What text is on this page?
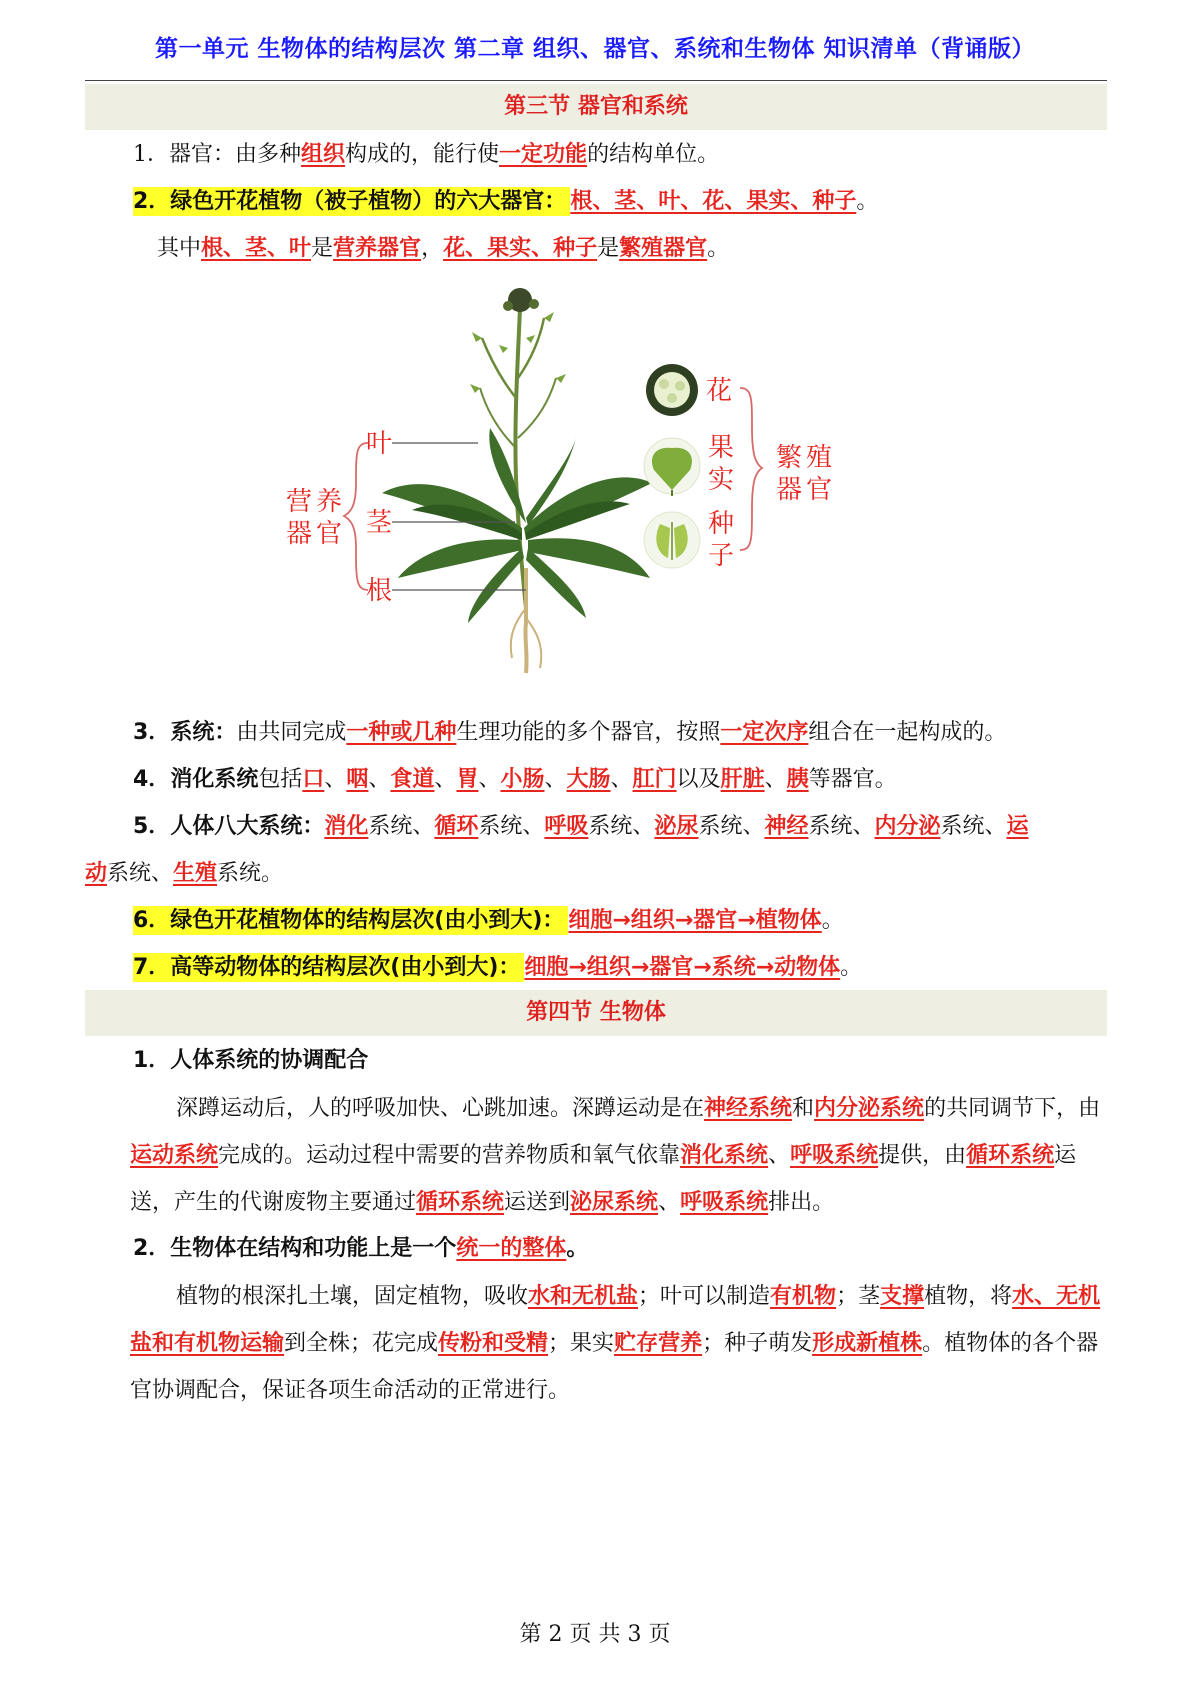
第一单元 生物体的结构层次 第二章 组织、器官、系统和生物体 知识清单（背诵版）
第三节 器官和系统
1．器官：由多种组织构成的，能行使一定功能的结构单位。
2．绿色开花植物（被子植物）的六大器官： 根、茎、叶、花、果实、种子。
其中根、茎、叶是营养器官，花、果实、种子是繁殖器官。
叶
茎
根
营养
器官
花
果
实
种
子
繁殖
器官
3．系统：由共同完成一种或几种生理功能的多个器官，按照一定次序组合在一起构成的。
4．消化系统包括口、咽、食道、胃、小肠、大肠、肛门以及肝脏、胰等器官。
5．人体八大系统：消化系统、循环系统、呼吸系统、泌尿系统、神经系统、内分泌系统、运
动系统、生殖系统。
6．绿色开花植物体的结构层次(由小到大)： 细胞→组织→器官→植物体。
7．高等动物体的结构层次(由小到大)： 细胞→组织→器官→系统→动物体。
第四节 生物体
1．人体系统的协调配合
深蹲运动后，人的呼吸加快、心跳加速。深蹲运动是在神经系统和内分泌系统的共同调节下，由运动系统完成的。运动过程中需要的营养物质和氧气依靠消化系统、呼吸系统提供，由循环系统运送，产生的代谢废物主要通过循环系统运送到泌尿系统、呼吸系统排出。
2．生物体在结构和功能上是一个统一的整体。
植物的根深扎土壤，固定植物，吸收水和无机盐；叶可以制造有机物；茎支撑植物，将水、无机盐和有机物运输到全株；花完成传粉和受精；果实贮存营养；种子萌发形成新植株。植物体的各个器官协调配合，保证各项生命活动的正常进行。
第 2 页 共 3 页
